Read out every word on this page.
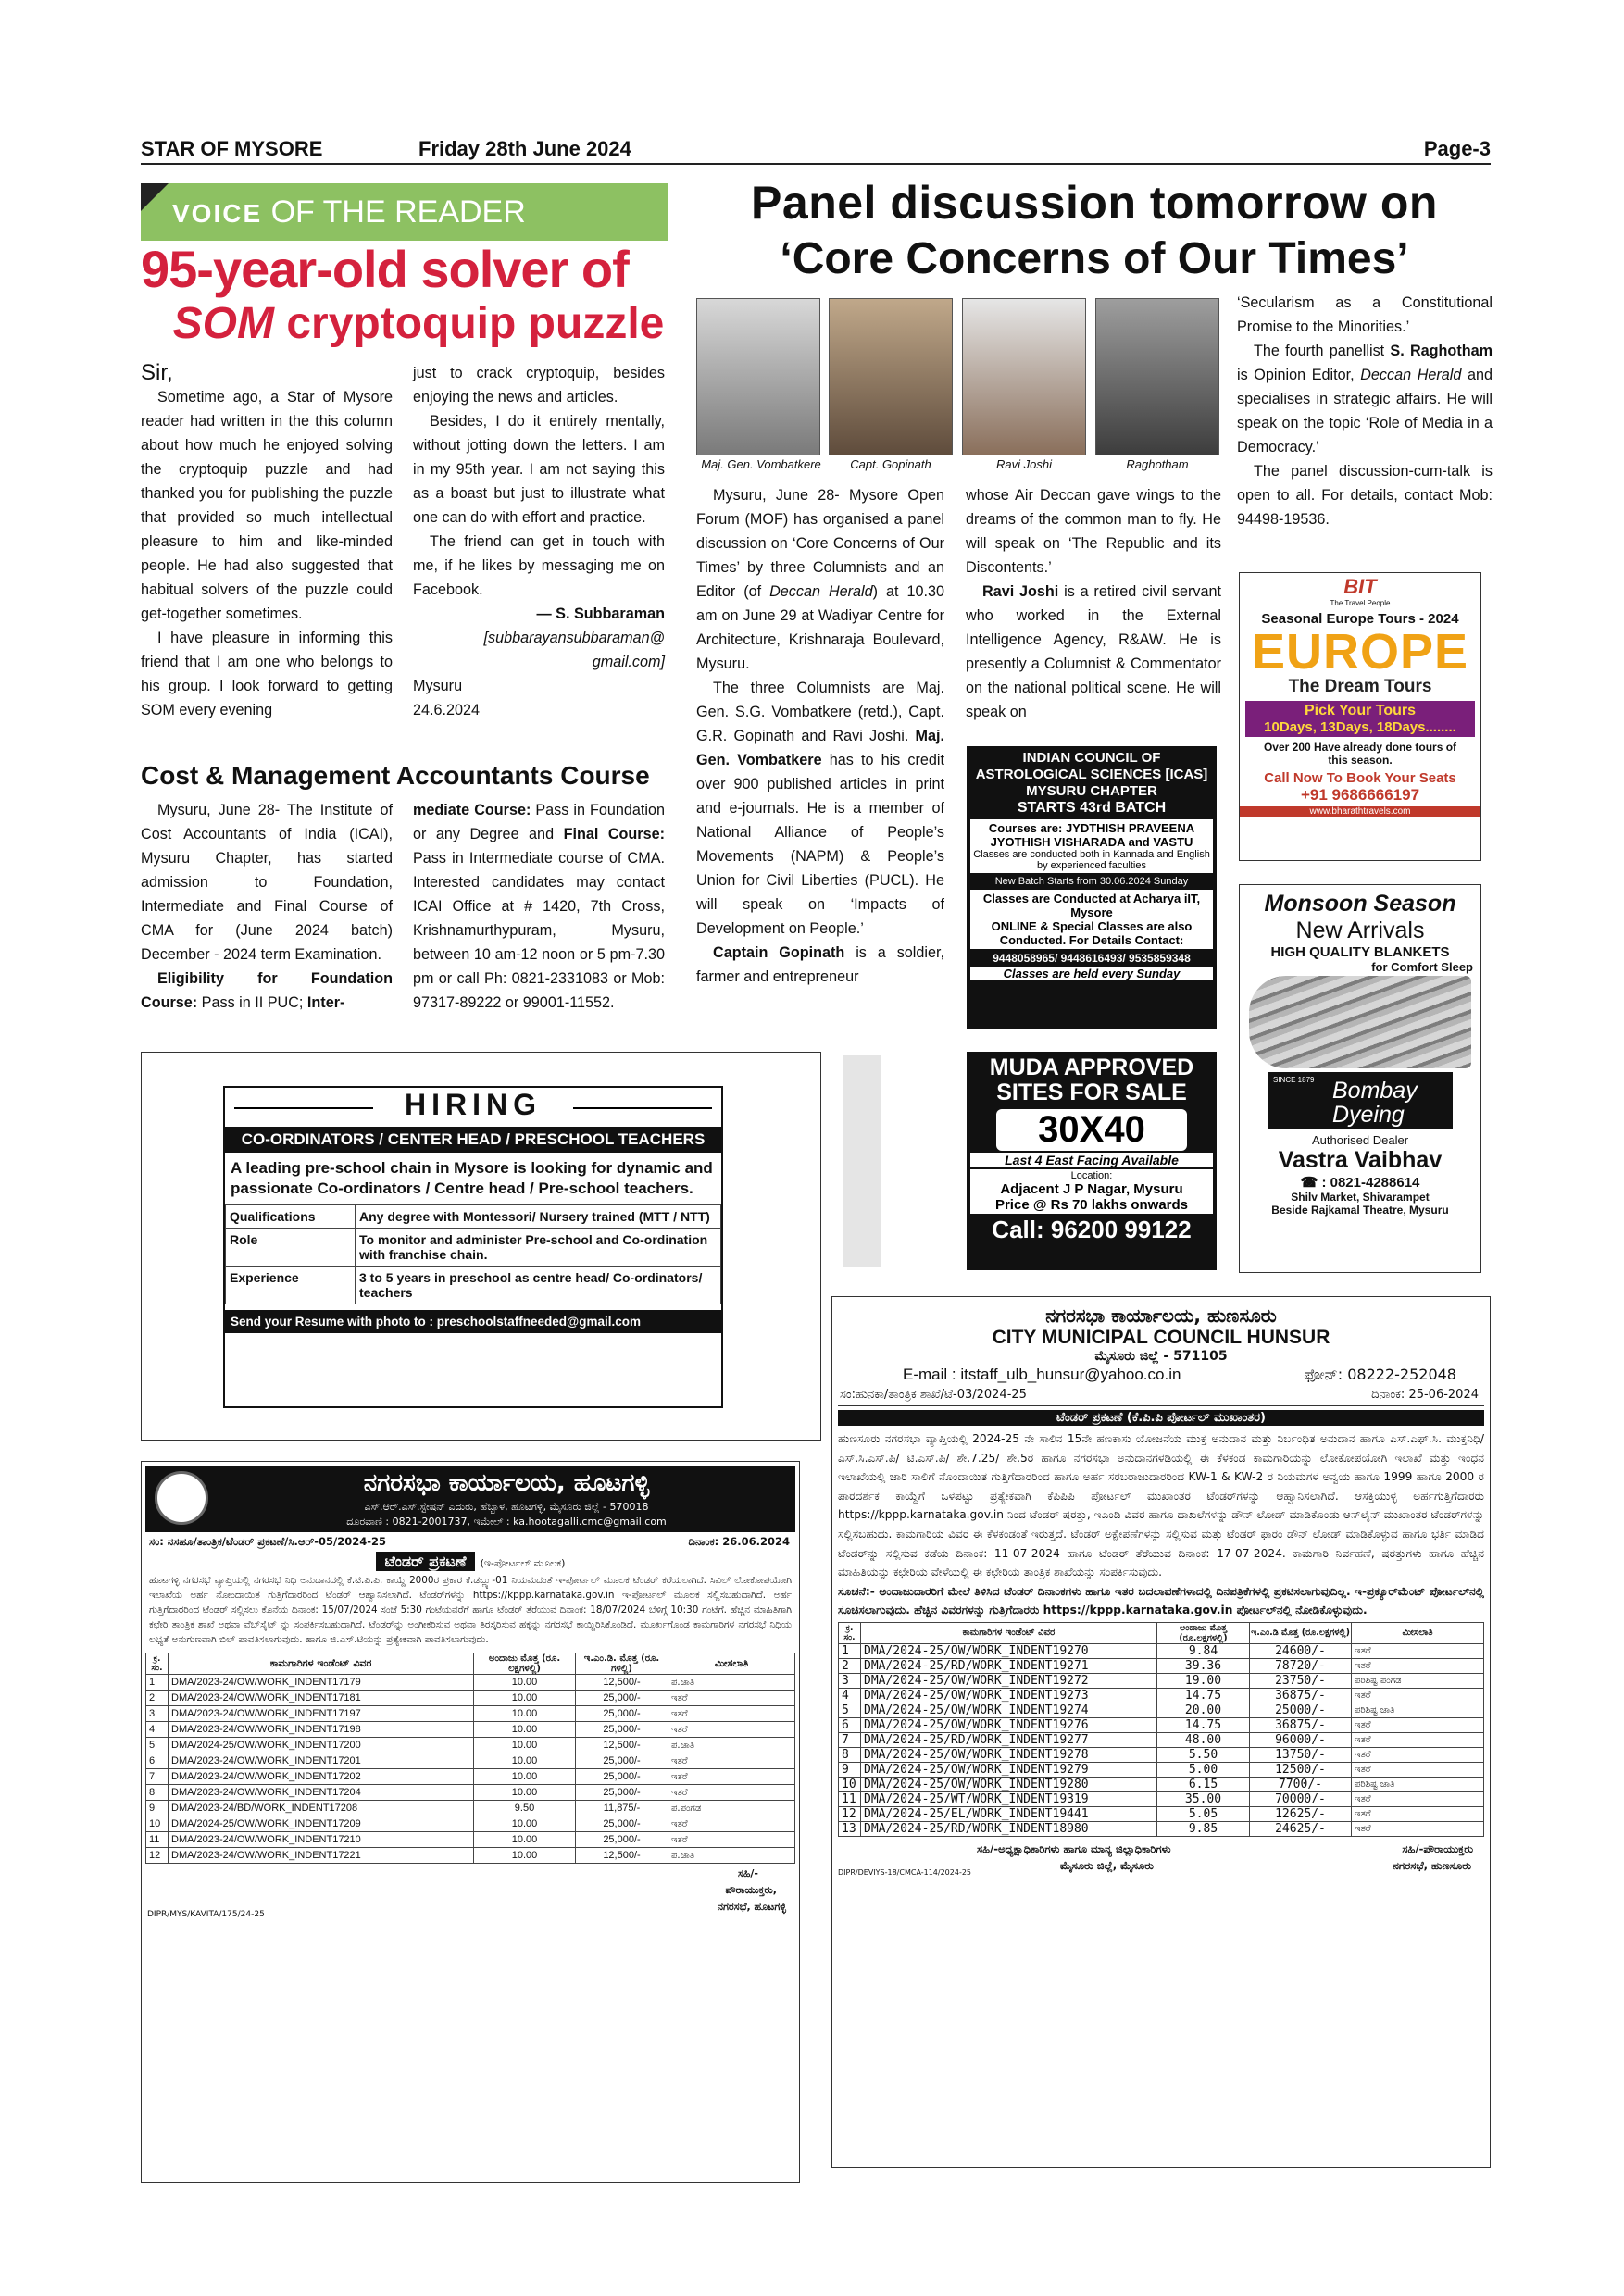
STAR OF MYSORE	Friday 28th June 2024	Page-3
VOICE OF THE READER
95-year-old solver of
SOM cryptoquip puzzle

Sir,

Sometime ago, a Star of Mysore reader had written in the this column about how much he enjoyed solving the cryptoquip puzzle and had thanked you for publishing the puzzle that provided so much intellectual pleasure to him and like-minded people. He had also suggested that habitual solvers of the puzzle could get-together sometimes.

I have pleasure in informing this friend that I am one who belongs to his group. I look forward to getting SOM every evening

just to crack cryptoquip, besides enjoying the news and articles.

Besides, I do it entirely mentally, without jotting down the letters. I am in my 95th year. I am not saying this as a boast but just to illustrate what one can do with effort and practice.

The friend can get in touch with me, if he likes by messaging me on Facebook.

— S. Subbaraman

[subbarayansubbaraman@ gmail.com]

Mysuru

24.6.2024

Cost & Management Accountants Course

Mysuru, June 28- The Institute of Cost Accountants of India (ICAI), Mysuru Chapter, has started admission to Foundation, Intermediate and Final Course of CMA for (June 2024 batch) December - 2024 term Examination.

Eligibility for Foundation Course: Pass in II PUC; Inter-

mediate Course: Pass in Foundation or any Degree and Final Course: Pass in Intermediate course of CMA. Interested candidates may contact ICAI Office at # 1420, 7th Cross, Krishnamurthypuram, Mysuru, between 10 am-12 noon or 5 pm-7.30 pm or call Ph: 0821-2331083 or Mob: 97317-89222 or 99001-11552.

Panel discussion tomorrow on
‘Core Concerns of Our Times’
Maj. Gen. Vombatkere	Capt. Gopinath	Ravi Joshi	Raghotham

Mysuru, June 28- Mysore Open Forum (MOF) has organised a panel discussion on ‘Core Concerns of Our Times’ by three Columnists and an Editor (of Deccan Herald) at 10.30 am on June 29 at Wadiyar Centre for Architecture, Krishnaraja Boulevard, Mysuru.

The three Columnists are Maj. Gen. S.G. Vombatkere (retd.), Capt. G.R. Gopinath and Ravi Joshi. Maj. Gen. Vombatkere has to his credit over 900 published articles in print and e-journals. He is a member of National Alliance of People’s Movements (NAPM) & People’s Union for Civil Liberties (PUCL). He will speak on ‘Impacts of Development on People.’

Captain Gopinath is a soldier, farmer and entrepreneur

whose Air Deccan gave wings to the dreams of the common man to fly. He will speak on ‘The Republic and its Discontents.’

Ravi Joshi is a retired civil servant who worked in the External Intelligence Agency, R&AW. He is presently a Columnist & Commentator on the national political scene. He will speak on

‘Secularism as a Constitutional Promise to the Minorities.’

The fourth panellist S. Raghotham is Opinion Editor, Deccan Herald and specialises in strategic affairs. He will speak on the topic ‘Role of Media in a Democracy.’

The panel discussion-cum-talk is open to all. For details, contact Mob: 94498-19536.

BIT
The Travel People
Seasonal Europe Tours - 2024
EUROPE
The Dream Tours
Pick Your Tours
10Days, 13Days, 18Days........
Over 200 Have already done tours of this season.
Call Now To Book Your Seats
+91 9686666197
www.bharathtravels.com
INDIAN COUNCIL OF ASTROLOGICAL SCIENCES [ICAS] MYSURU CHAPTER
STARTS 43rd BATCH
Courses are: JYDTHISH PRAVEENA
JYOTHISH VISHARADA and VASTU
Classes are conducted both in Kannada and English by experienced faculties
New Batch Starts from 30.06.2024 Sunday
Classes are Conducted at Acharya iIT, Mysore
ONLINE & Special Classes are also Conducted. For Details Contact:
9448058965/ 9448616493/ 9535859348
Classes are held every Sunday
MUDA APPROVED
SITES FOR SALE
30X40
Last 4 East Facing Available
Location:
Adjacent J P Nagar, Mysuru
Price @ Rs 70 lakhs onwards
Call: 96200 99122
Monsoon Season
New Arrivals
HIGH QUALITY BLANKETS
for Comfort Sleep
SINCE 1879 Bombay
Dyeing
Authorised Dealer
Vastra Vaibhav
☎ : 0821-4288614
Shilv Market, Shivarampet
Beside Rajkamal Theatre, Mysuru
HIRING
CO-ORDINATORS / CENTER HEAD / PRESCHOOL TEACHERS
A leading pre-school chain in Mysore is looking for dynamic and passionate Co-ordinators / Centre head / Pre-school teachers.
Qualifications	Any degree with Montessori/ Nursery trained (MTT / NTT)
Role	To monitor and administer Pre-school and Co-ordination with franchise chain.
Experience	3 to 5 years in preschool as centre head/ Co-ordinators/ teachers
Send your Resume with photo to : preschoolstaffneeded@gmail.com
ನಗರಸಭಾ ಕಾರ್ಯಾಲಯ, ಹೂಟಗಳ್ಳಿ
ಎಸ್.ಆರ್.ಎಸ್.ಸ್ಟೇಷನ್ ಎದುರು, ಹೆಬ್ಬಾಳ, ಹೂಟಗಳ್ಳಿ, ಮೈಸೂರು ಜಿಲ್ಲೆ - 570018
ದೂರವಾಣಿ : 0821-2001737, ಇಮೇಲ್ : ka.hootagalli.cmc@gmail.com
ಸಂ: ನಸಹೂ/ತಾಂತ್ರಿಕ/ಟೆಂಡರ್ ಪ್ರಕಟಣೆ/ಸಿ.ಆರ್-05/2024-25	ದಿನಾಂಕ: 26.06.2024
ಟೆಂಡರ್ ಪ್ರಕಟಣೆ (ಇ-ಪೋರ್ಟಲ್ ಮೂಲಕ)
ಹೂಟಗಳ್ಳಿ ನಗರಸಭೆ ವ್ಯಾಪ್ತಿಯಲ್ಲಿ ನಗರಸಭೆ ನಿಧಿ ಅನುದಾನದಲ್ಲಿ ಕೆ.ಟಿ.ಪಿ.ಪಿ. ಕಾಯ್ದೆ 2000ರ ಪ್ರಕಾರ ಕೆ.ಡಬ್ಲ್ಯು-01 ನಿಯಮದಂತೆ ಇ-ಪೋರ್ಟಲ್ ಮೂಲಕ ಟೆಂಡರ್ ಕರೆಯಲಾಗಿದೆ. ಸಿವಿಲ್ ಲೋಕೋಪಯೋಗಿ ಇಲಾಖೆಯ ಅರ್ಹ ನೋಂದಾಯಿತ ಗುತ್ತಿಗೆದಾರರಿಂದ ಟೆಂಡರ್ ಆಹ್ವಾನಿಸಲಾಗಿದೆ. ಟೆಂಡರ್‌ಗಳನ್ನು https://kppp.karnataka.gov.in ಇ-ಪೋರ್ಟಲ್ ಮೂಲಕ ಸಲ್ಲಿಸಬಹುದಾಗಿದೆ. ಅರ್ಹ ಗುತ್ತಿಗೆದಾರರಿಂದ ಟೆಂಡರ್ ಸಲ್ಲಿಸಲು ಕೊನೆಯ ದಿನಾಂಕ: 15/07/2024 ಸಂಜೆ 5:30 ಗಂಟೆಯವರೆಗೆ ಹಾಗೂ ಟೆಂಡರ್ ತೆರೆಯುವ ದಿನಾಂಕ: 18/07/2024 ಬೆಳಿಗ್ಗೆ 10:30 ಗಂಟೆಗೆ. ಹೆಚ್ಚಿನ ಮಾಹಿತಿಗಾಗಿ ಕಛೇರಿ ತಾಂತ್ರಿಕ ಶಾಖೆ ಅಥವಾ ವೆಬ್‌ಸೈಟ್ ನ್ನು ಸಂಪರ್ಕಿಸಬಹುದಾಗಿದೆ. ಟೆಂಡರ್‌ನ್ನು ಅಂಗೀಕರಿಸುವ ಅಥವಾ ತಿರಸ್ಕರಿಸುವ ಹಕ್ಕನ್ನು ನಗರಸಭೆ ಕಾಯ್ದಿರಿಸಿಕೊಂಡಿದೆ. ಮೂರ್ಖಗೊಂಡ ಕಾಮಗಾರಿಗಳ ನಗರಸಭೆ ನಿಧಿಯ ಲಭ್ಯತೆ ಅನುಗುಣವಾಗಿ ಬಿಲ್ ಪಾವತಿಸಲಾಗುವುದು. ಹಾಗೂ ಜಿ.ಎಸ್.ಟಿಯನ್ನು ಪ್ರತ್ಯೇಕವಾಗಿ ಪಾವತಿಸಲಾಗುವುದು.
ಕ್ರ. ಸಂ.	ಕಾಮಗಾರಿಗಳ ಇಂಡೆಂಟ್ ವಿವರ	ಅಂದಾಜು ಮೊತ್ತ (ರೂ. ಲಕ್ಷಗಳಲ್ಲಿ)	ಇ.ಎಂ.ಡಿ. ಮೊತ್ತ (ರೂ. ಗಳಲ್ಲಿ)	ಮೀಸಲಾತಿ
1	DMA/2023-24/OW/WORK_INDENT17179	10.00	12,500/-	ಪ.ಜಾತಿ
2	DMA/2023-24/OW/WORK_INDENT17181	10.00	25,000/-	ಇತರೆ
3	DMA/2023-24/OW/WORK_INDENT17197	10.00	25,000/-	ಇತರೆ
4	DMA/2023-24/OW/WORK_INDENT17198	10.00	25,000/-	ಇತರೆ
5	DMA/2024-25/OW/WORK_INDENT17200	10.00	12,500/-	ಪ.ಜಾತಿ
6	DMA/2023-24/OW/WORK_INDENT17201	10.00	25,000/-	ಇತರೆ
7	DMA/2023-24/OW/WORK_INDENT17202	10.00	25,000/-	ಇತರೆ
8	DMA/2023-24/OW/WORK_INDENT17204	10.00	25,000/-	ಇತರೆ
9	DMA/2023-24/BD/WORK_INDENT17208	9.50	11,875/-	ಪ.ಪಂಗಡ
10	DMA/2024-25/OW/WORK_INDENT17209	10.00	25,000/-	ಇತರೆ
11	DMA/2023-24/OW/WORK_INDENT17210	10.00	25,000/-	ಇತರೆ
12	DMA/2023-24/OW/WORK_INDENT17221	10.00	12,500/-	ಪ.ಜಾತಿ
ಸಹಿ/-
ಪೌರಾಯುಕ್ತರು,
ನಗರಸಭೆ, ಹೂಟಗಳ್ಳಿ
DIPR/MYS/KAVITA/175/24-25
ನಗರಸಭಾ ಕಾರ್ಯಾಲಯ, ಹುಣಸೂರು
CITY MUNICIPAL COUNCIL HUNSUR
ಮೈಸೂರು ಜಿಲ್ಲೆ - 571105
E-mail : itstaff_ulb_hunsur@yahoo.co.in	ಫೋನ್: 08222-252048
ಸಂ:ಹುನಕಾ/ತಾಂತ್ರಿಕ ಶಾಖೆ/ಟೆ-03/2024-25	ದಿನಾಂಕ: 25-06-2024
ಟೆಂಡರ್ ಪ್ರಕಟಣೆ (ಕೆ.ಪಿ.ಪಿ ಪೋರ್ಟಲ್ ಮುಖಾಂತರ)
ಹುಣಸೂರು ನಗರಸಭಾ ವ್ಯಾಪ್ತಿಯಲ್ಲಿ 2024-25 ನೇ ಸಾಲಿನ 15ನೇ ಹಣಕಾಸು ಯೋಜನೆಯ ಮುಕ್ತ ಅನುದಾನ ಮತ್ತು ನಿರ್ಬಂಧಿತ ಅನುದಾನ ಹಾಗೂ ಎಸ್.ಎಫ್.ಸಿ. ಮುಕ್ತನಿಧಿ/ ಎಸ್.ಸಿ.ಎಸ್.ಪಿ/ ಟಿ.ಎಸ್.ಪಿ/ ಶೇ.7.25/ ಶೇ.5ರ ಹಾಗೂ ನಗರಸಭಾ ಅನುದಾನಗಳಡಿಯಲ್ಲಿ ಈ ಕೆಳಕಂಡ ಕಾಮಗಾರಿಯನ್ನು ಲೋಕೋಪಯೋಗಿ ಇಲಾಖೆ ಮತ್ತು ಇಂಧನ ಇಲಾಖೆಯಲ್ಲಿ ಜಾರಿ ಸಾಲಿಗೆ ನೊಂದಾಯಿತ ಗುತ್ತಿಗೆದಾರರಿಂದ ಹಾಗೂ ಅರ್ಹ ಸರಬರಾಜುದಾರರಿಂದ KW-1 & KW-2 ರ ನಿಯಮಗಳ ಅನ್ವಯ ಹಾಗೂ 1999 ಹಾಗೂ 2000 ರ ಪಾರದರ್ಶಕ ಕಾಯ್ದೆಗೆ ಒಳಪಟ್ಟು ಪ್ರತ್ಯೇಕವಾಗಿ ಕೆಪಿಪಿಪಿ ಪೋರ್ಟಲ್ ಮುಖಾಂತರ ಟೆಂಡರ್‌ಗಳನ್ನು ಆಹ್ವಾನಿಸಲಾಗಿದೆ. ಆಸಕ್ತಿಯುಳ್ಳ ಅರ್ಹಗುತ್ತಿಗೆದಾರರು https://kppp.karnataka.gov.in ನಿಂದ ಟೆಂಡರ್ ಷರತ್ತು, ಇಎಂಡಿ ವಿವರ ಹಾಗೂ ದಾಖಲೆಗಳನ್ನು ಡೌನ್ ಲೋಡ್ ಮಾಡಿಕೊಂಡು ಆನ್‌ಲೈನ್ ಮುಖಾಂತರ ಟೆಂಡರ್‌ಗಳನ್ನು ಸಲ್ಲಿಸಬಹುದು. ಕಾಮಗಾರಿಯ ವಿವರ ಈ ಕೆಳಕಂಡಂತೆ ಇರುತ್ತದೆ. ಟೆಂಡರ್ ಅಕ್ಷೇಪಣೆಗಳನ್ನು ಸಲ್ಲಿಸುವ ಮತ್ತು ಟೆಂಡರ್ ಫಾರಂ ಡೌನ್ ಲೋಡ್ ಮಾಡಿಕೊಳ್ಳುವ ಹಾಗೂ ಭರ್ತಿ ಮಾಡಿದ ಟೆಂಡರ್‌ನ್ನು ಸಲ್ಲಿಸುವ ಕಡೆಯ ದಿನಾಂಕ: 11-07-2024 ಹಾಗೂ ಟೆಂಡರ್ ತೆರೆಯುವ ದಿನಾಂಕ: 17-07-2024. ಕಾಮಗಾರಿ ನಿರ್ವಹಣೆ, ಷರತ್ತುಗಳು ಹಾಗೂ ಹೆಚ್ಚಿನ ಮಾಹಿತಿಯನ್ನು ಕಛೇರಿಯ ವೇಳೆಯಲ್ಲಿ ಈ ಕಛೇರಿಯ ತಾಂತ್ರಿಕ ಶಾಖೆಯನ್ನು ಸಂಪರ್ಕಿಸುವುದು.
ಸೂಚನೆ:- ಅಂದಾಜುದಾರರಿಗೆ ಮೇಲೆ ತಿಳಿಸಿದ ಟೆಂಡರ್ ದಿನಾಂಕಗಳು ಹಾಗೂ ಇತರ ಬದಲಾವಣೆಗಳಾದಲ್ಲಿ ದಿನಪತ್ರಿಕೆಗಳಲ್ಲಿ ಪ್ರಕಟಿಸಲಾಗುವುದಿಲ್ಲ. ಇ-ಪ್ರಕ್ಯೂರ್‌ಮೆಂಟ್ ಪೋರ್ಟಲ್‌ನಲ್ಲಿ ಸೂಚಿಸಲಾಗುವುದು. ಹೆಚ್ಚಿನ ವಿವರಗಳನ್ನು ಗುತ್ತಿಗೆದಾರರು https://kppp.karnataka.gov.in ಪೋರ್ಟಲ್‌ನಲ್ಲಿ ನೋಡಿಕೊಳ್ಳುವುದು.
ಕ್ರ. ಸಂ.	ಕಾಮಗಾರಿಗಳ ಇಂಡೆಂಟ್ ವಿವರ	ಅಂದಾಜು ಮೊತ್ತ (ರೂ.ಲಕ್ಷಗಳಲ್ಲಿ)	ಇ.ಎಂ.ಡಿ ಮೊತ್ತ (ರೂ.ಲಕ್ಷಗಳಲ್ಲಿ)	ಮೀಸಲಾತಿ
1	DMA/2024-25/OW/WORK_INDENT19270	9.84	24600/-	ಇತರೆ
2	DMA/2024-25/RD/WORK_INDENT19271	39.36	78720/-	ಇತರೆ
3	DMA/2024-25/OW/WORK_INDENT19272	19.00	23750/-	ಪರಿಶಿಷ್ಟ ಪಂಗಡ
4	DMA/2024-25/OW/WORK_INDENT19273	14.75	36875/-	ಇತರೆ
5	DMA/2024-25/OW/WORK_INDENT19274	20.00	25000/-	ಪರಿಶಿಷ್ಟ ಜಾತಿ
6	DMA/2024-25/OW/WORK_INDENT19276	14.75	36875/-	ಇತರೆ
7	DMA/2024-25/RD/WORK_INDENT19277	48.00	96000/-	ಇತರೆ
8	DMA/2024-25/OW/WORK_INDENT19278	5.50	13750/-	ಇತರೆ
9	DMA/2024-25/OW/WORK_INDENT19279	5.00	12500/-	ಇತರೆ
10	DMA/2024-25/OW/WORK_INDENT19280	6.15	7700/-	ಪರಿಶಿಷ್ಟ ಜಾತಿ
11	DMA/2024-25/WT/WORK_INDENT19319	35.00	70000/-	ಇತರೆ
12	DMA/2024-25/EL/WORK_INDENT19441	5.05	12625/-	ಇತರೆ
13	DMA/2024-25/RD/WORK_INDENT18980	9.85	24625/-	ಇತರೆ
ಸಹಿ/-ಅಧ್ಯಕ್ಷಾಧಿಕಾರಿಗಳು ಹಾಗೂ ಮಾನ್ಯ ಜಿಲ್ಲಾಧಿಕಾರಿಗಳು
ಮೈಸೂರು ಜಿಲ್ಲೆ, ಮೈಸೂರು
ಸಹಿ/-ಪೌರಾಯುಕ್ತರು
ನಗರಸಭೆ, ಹುಣಸೂರು
DIPR/DEVIYS-18/CMCA-114/2024-25
